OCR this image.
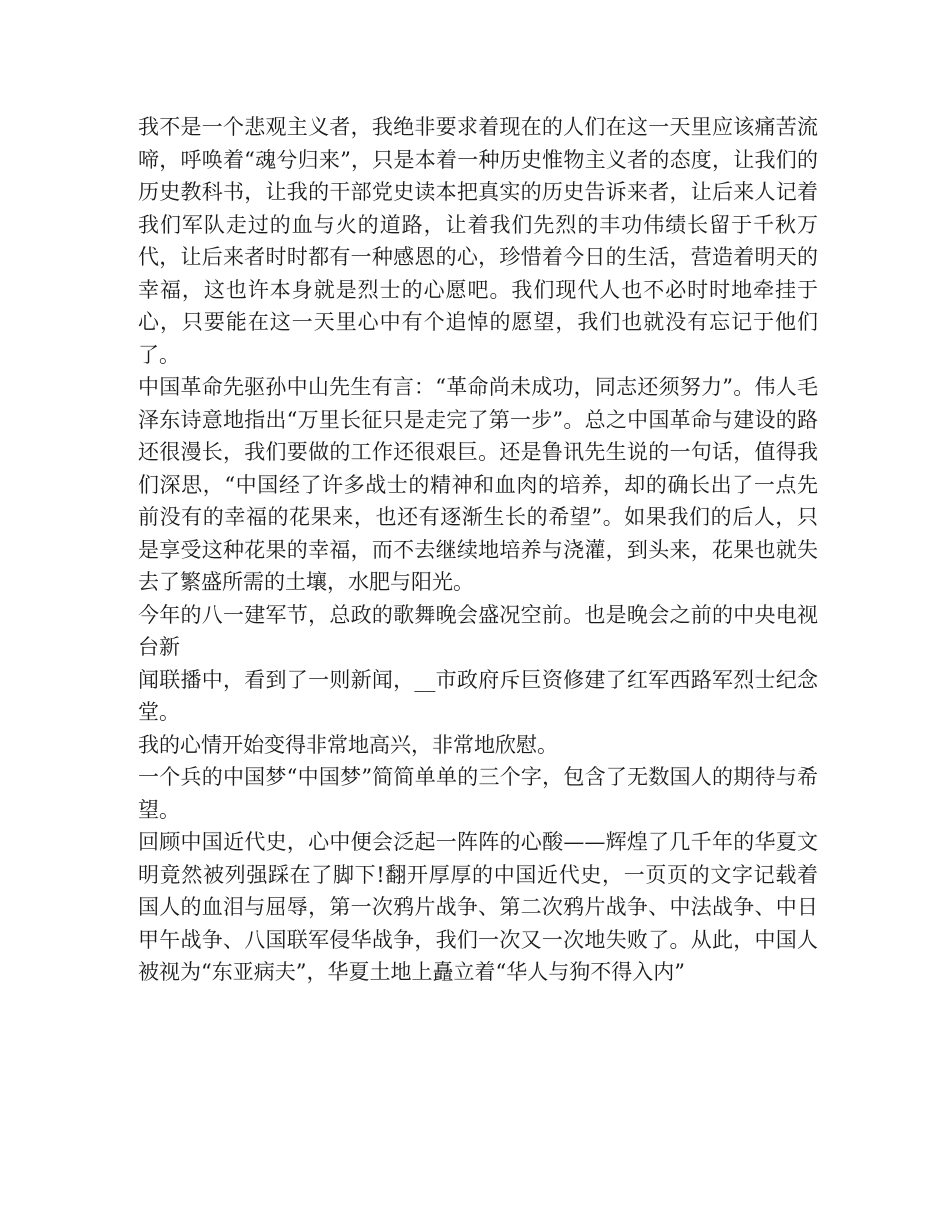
我不是一个悲观主义者，我绝非要求着现在的人们在这一天里应该痛苦流啼，呼唤着“魂兮归来”，只是本着一种历史惟物主义者的态度，让我们的历史教科书，让我的干部党史读本把真实的历史告诉来者，让后来人记着我们军队走过的血与火的道路，让着我们先烈的丰功伟绩长留于千秋万代，让后来者时时都有一种感恩的心，珍惜着今日的生活，营造着明天的幸福，这也许本身就是烈士的心愿吧。我们现代人也不必时时地牵挂于心，只要能在这一天里心中有个追悼的愿望，我们也就没有忘记于他们了。

中国革命先驱孙中山先生有言：“革命尚未成功，同志还须努力”。伟人毛泽东诗意地指出“万里长征只是走完了第一步”。总之中国革命与建设的路还很漫长，我们要做的工作还很艰巨。还是鲁讯先生说的一句话，值得我们深思，“中国经了许多战士的精神和血肉的培养，却的确长出了一点先前没有的幸福的花果来，也还有逐渐生长的希望”。如果我们的后人，只是享受这种花果的幸福，而不去继续地培养与浇灌，到头来，花果也就失去了繁盛所需的土壤，水肥与阳光。

今年的八一建军节，总政的歌舞晚会盛况空前。也是晚会之前的中央电视台新

闻联播中，看到了一则新闻，__市政府斥巨资修建了红军西路军烈士纪念堂。

我的心情开始变得非常地高兴，非常地欣慰。

一个兵的中国梦“中国梦”简简单单的三个字，包含了无数国人的期待与希望。

回顾中国近代史，心中便会泛起一阵阵的心酸——辉煌了几千年的华夏文明竟然被列强踩在了脚下!翻开厚厚的中国近代史，一页页的文字记载着国人的血泪与屈辱，第一次鸦片战争、第二次鸦片战争、中法战争、中日甲午战争、八国联军侵华战争，我们一次又一次地失败了。从此，中国人被视为“东亚病夫”，华夏土地上矗立着“华人与狗不得入内”
